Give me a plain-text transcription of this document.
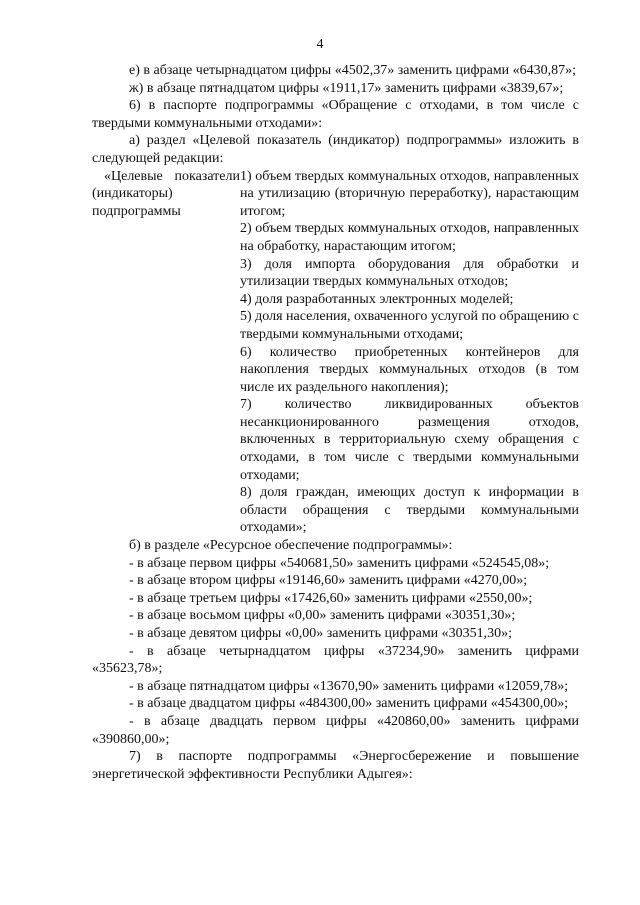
4

е) в абзаце четырнадцатом цифры «4502,37» заменить цифрами «6430,87»;

ж) в абзаце пятнадцатом цифры «1911,17» заменить цифрами «3839,67»;

6) в паспорте подпрограммы «Обращение с отходами, в том числе с твердыми коммунальными отходами»:

а) раздел «Целевой показатель (индикатор) подпрограммы» изложить в следующей редакции:

«Целевые показатели (индикаторы) подпрограммы

1) объем твердых коммунальных отходов, направленных на утилизацию (вторичную переработку), нарастающим итогом;

2) объем твердых коммунальных отходов, направленных на обработку, нарастающим итогом;

3) доля импорта оборудования для обработки и утилизации твердых коммунальных отходов;

4) доля разработанных электронных моделей;

5) доля населения, охваченного услугой по обращению с твердыми коммунальными отходами;

6) количество приобретенных контейнеров для накопления твердых коммунальных отходов (в том числе их раздельного накопления);

7) количество ликвидированных объектов несанкционированного размещения отходов, включенных в территориальную схему обращения с отходами, в том числе с твердыми коммунальными отходами;

8) доля граждан, имеющих доступ к информации в области обращения с твердыми коммунальными отходами»;

б) в разделе «Ресурсное обеспечение подпрограммы»:

- в абзаце первом цифры «540681,50» заменить цифрами «524545,08»;

- в абзаце втором цифры «19146,60» заменить цифрами «4270,00»;

- в абзаце третьем цифры «17426,60» заменить цифрами «2550,00»;

- в абзаце восьмом цифры «0,00» заменить цифрами «30351,30»;

- в абзаце девятом цифры «0,00» заменить цифрами «30351,30»;

- в абзаце четырнадцатом цифры «37234,90» заменить цифрами «35623,78»;

- в абзаце пятнадцатом цифры «13670,90» заменить цифрами «12059,78»;

- в абзаце двадцатом цифры «484300,00» заменить цифрами «454300,00»;

- в абзаце двадцать первом цифры «420860,00» заменить цифрами «390860,00»;

7) в паспорте подпрограммы «Энергосбережение и повышение энергетической эффективности Республики Адыгея»:
